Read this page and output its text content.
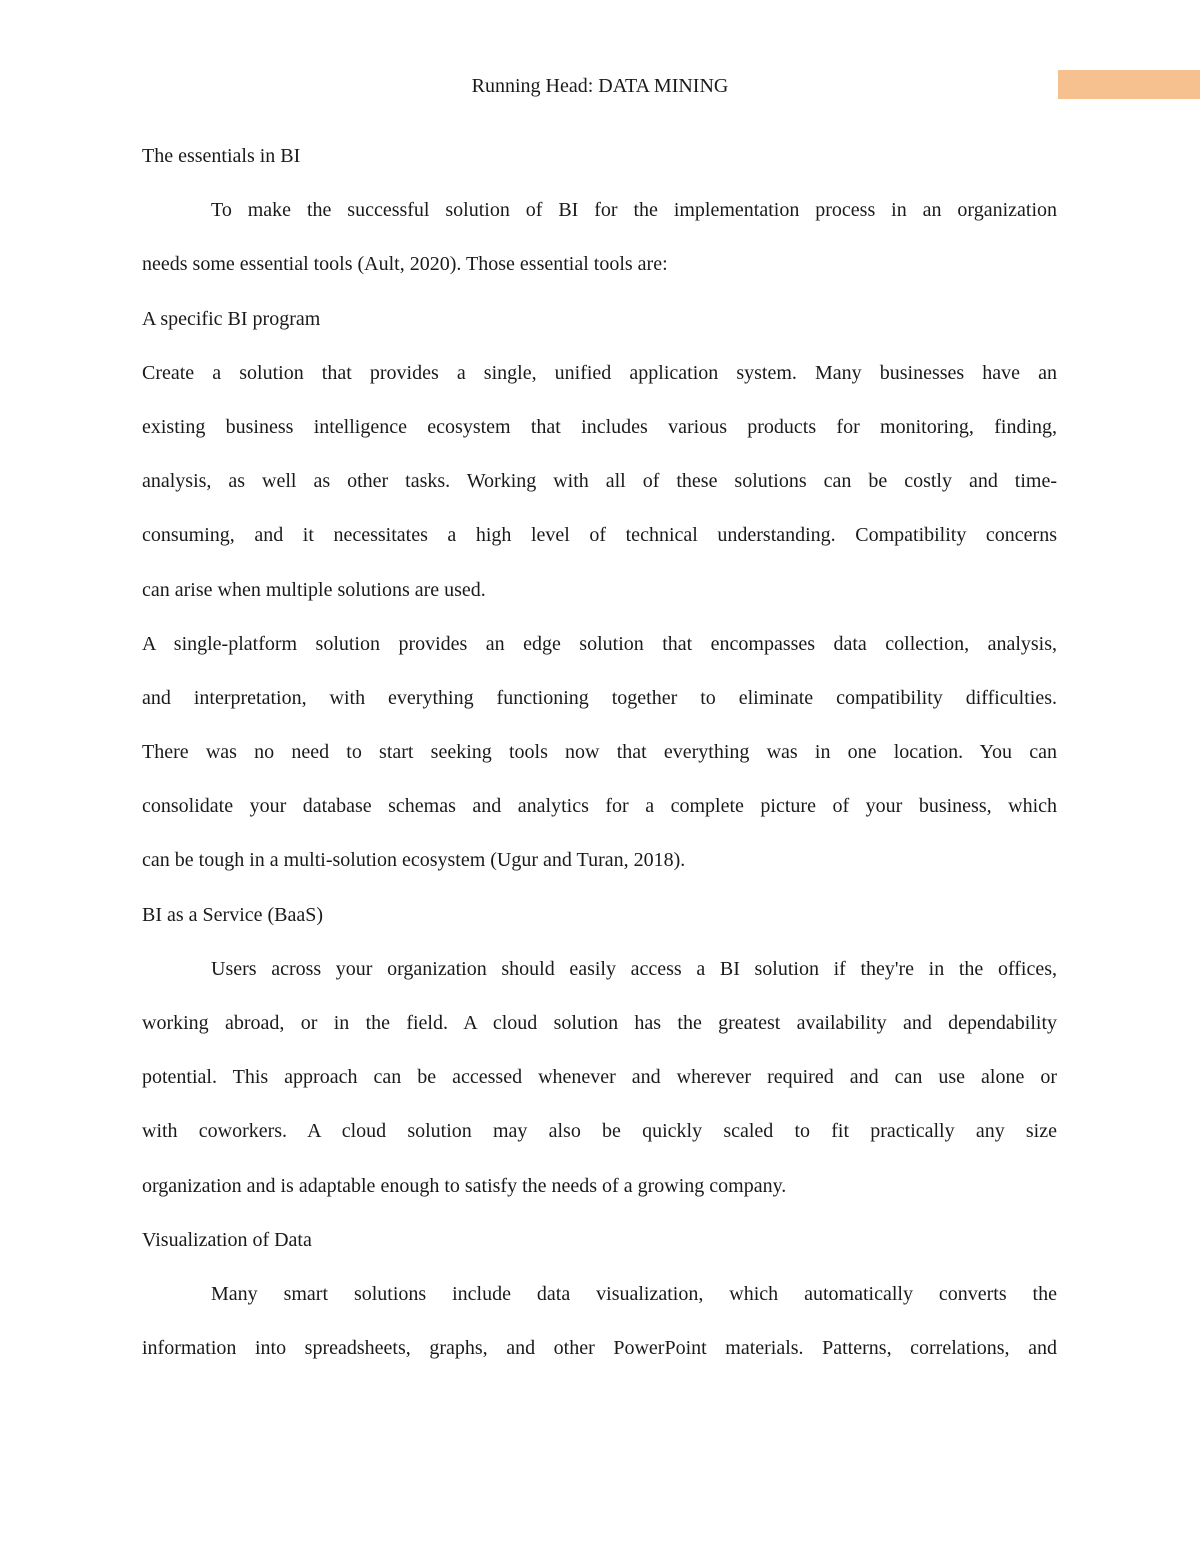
Running Head: DATA MINING
The essentials in BI
To make the successful solution of BI for the implementation process in an organization
needs some essential tools (Ault, 2020). Those essential tools are:
A specific BI program
Create a solution that provides a single, unified application system. Many businesses have an
existing business intelligence ecosystem that includes various products for monitoring, finding,
analysis, as well as other tasks. Working with all of these solutions can be costly and time-
consuming, and it necessitates a high level of technical understanding. Compatibility concerns
can arise when multiple solutions are used.
A single-platform solution provides an edge solution that encompasses data collection, analysis,
and interpretation, with everything functioning together to eliminate compatibility difficulties.
There was no need to start seeking tools now that everything was in one location. You can
consolidate your database schemas and analytics for a complete picture of your business, which
can be tough in a multi-solution ecosystem (Ugur and Turan, 2018).
BI as a Service (BaaS)
Users across your organization should easily access a BI solution if they're in the offices,
working abroad, or in the field. A cloud solution has the greatest availability and dependability
potential. This approach can be accessed whenever and wherever required and can use alone or
with coworkers. A cloud solution may also be quickly scaled to fit practically any size
organization and is adaptable enough to satisfy the needs of a growing company.
Visualization of Data
Many smart solutions include data visualization, which automatically converts the
information into spreadsheets, graphs, and other PowerPoint materials. Patterns, correlations, and
